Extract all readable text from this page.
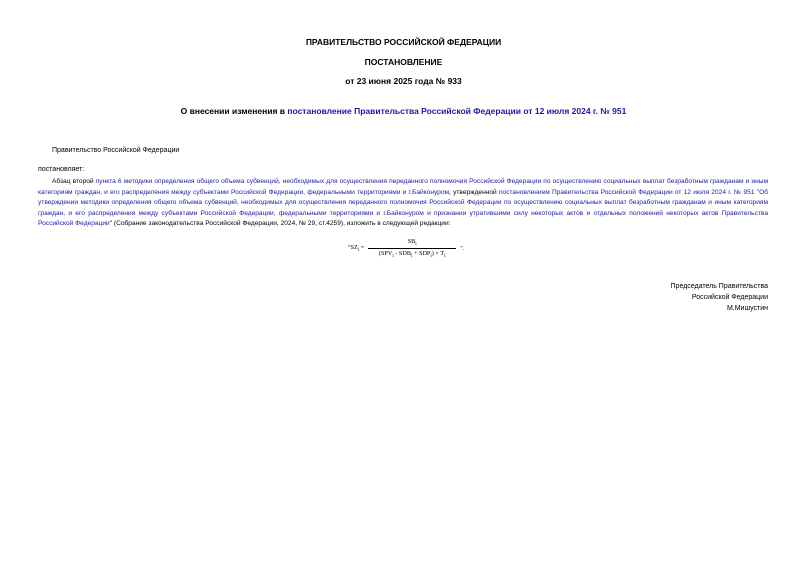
ПРАВИТЕЛЬСТВО РОССИЙСКОЙ ФЕДЕРАЦИИ
ПОСТАНОВЛЕНИЕ
от 23 июня 2025 года № 933
О внесении изменения в постановление Правительства Российской Федерации от 12 июля 2024 г. № 951
Правительство Российской Федерации
постановляет:
Абзац второй пункта 6 методики определения общего объема субвенций, необходимых для осуществления переданного полномочия Российской Федерации по осуществлению социальных выплат безработным гражданам и иным категориям граждан, и его распределения между субъектами Российской Федерации, федеральными территориями и г.Байконуром, утвержденной постановлением Правительства Российской Федерации от 12 июля 2024 г. № 951 "Об утверждении методики определения общего объема субвенций, необходимых для осуществления переданного полномочия Российской Федерации по осуществлению социальных выплат безработным гражданам и иным категориям граждан, и его распределения между субъектами Российской Федерации, федеральными территориями и г.Байконуром и признании утратившими силу некоторых актов и отдельных положений некоторых актов Правительства Российской Федерации" (Собрание законодательства Российской Федерации, 2024, № 29, ст.4259), изложить в следующей редакции:
"$SZ_i = \frac{SB_i}{(SPV_i - SDB_i + SDP_i) \times T_i}$ ".
Председатель Правительства
Российской Федерации
М.Мишустин
